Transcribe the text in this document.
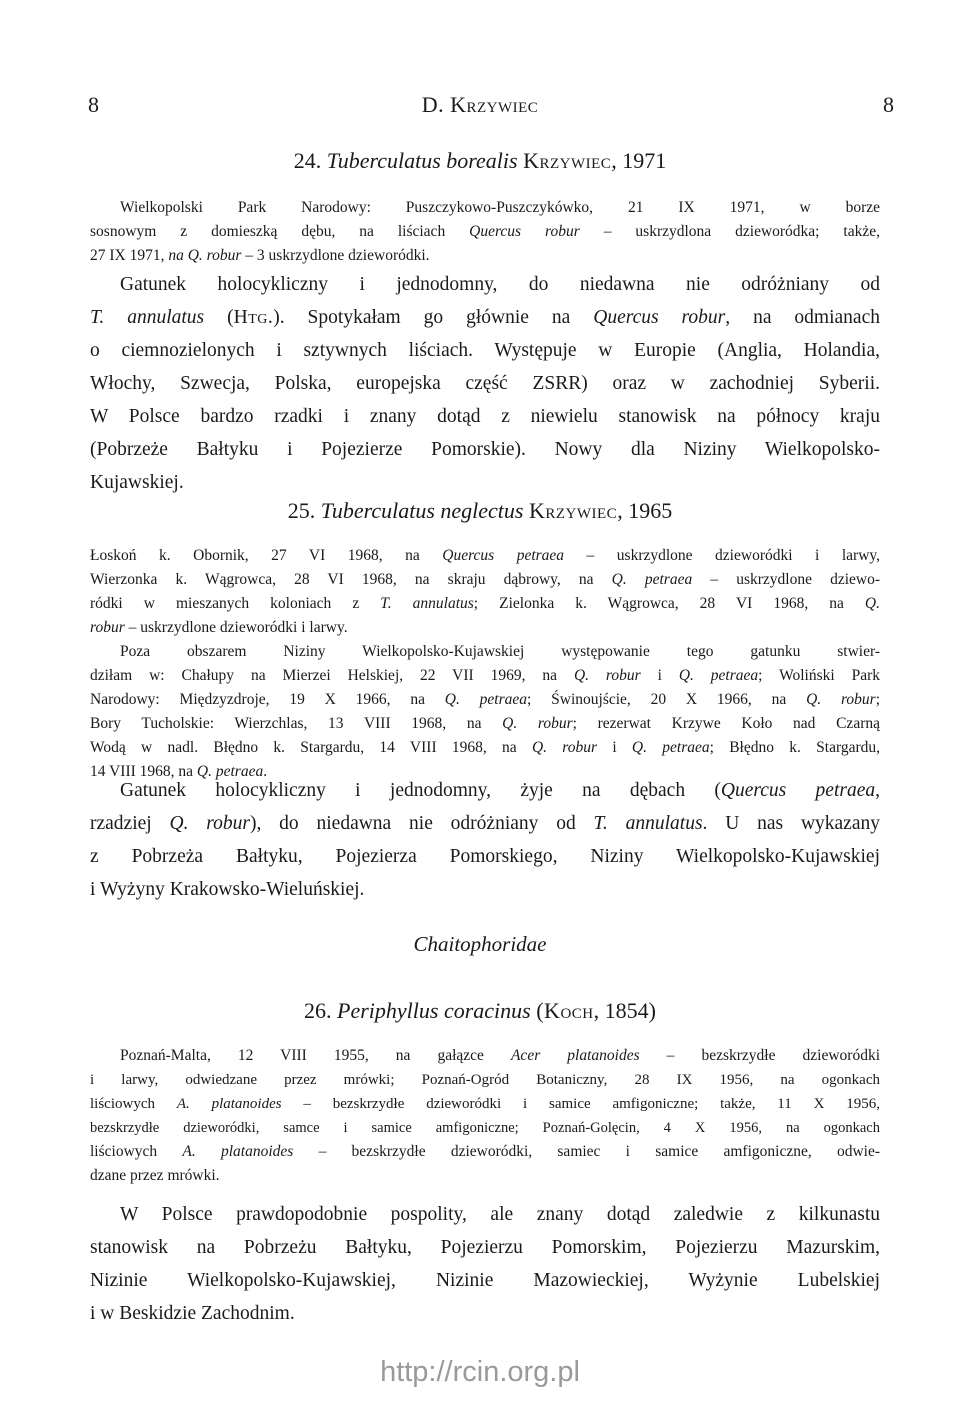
8	D. Krzywiec	8
24. Tuberculatus borealis Krzywiec, 1971
Wielkopolski Park Narodowy: Puszczykowo-Puszczykówko, 21 IX 1971, w borze
sosnowym z domieszką dębu, na liściach Quercus robur – uskrzydlona dzieworódka; także,
27 IX 1971, na Q. robur – 3 uskrzydlone dzieworódki.
Gatunek holocykliczny i jednodomny, do niedawna nie odróżniany od
T. annulatus (Htg.). Spotykałam go głównie na Quercus robur, na odmianach
o ciemnozielonych i sztywnych liściach. Występuje w Europie (Anglia, Holandia,
Włochy, Szwecja, Polska, europejska część ZSRR) oraz w zachodniej Syberii.
W Polsce bardzo rzadki i znany dotąd z niewielu stanowisk na północy kraju
(Pobrzeże Bałtyku i Pojezierze Pomorskie). Nowy dla Niziny Wielkopolsko-
Kujawskiej.
25. Tuberculatus neglectus Krzywiec, 1965
Łoskoń k. Obornik, 27 VI 1968, na Quercus petraea – uskrzydlone dzieworódki i larwy,
Wierzonka k. Wągrowca, 28 VI 1968, na skraju dąbrowy, na Q. petraea – uskrzydlone dziewo-
ródki w mieszanych koloniach z T. annulatus; Zielonka k. Wągrowca, 28 VI 1968, na Q.
robur – uskrzydlone dzieworódki i larwy.
Poza obszarem Niziny Wielkopolsko-Kujawskiej występowanie tego gatunku stwier-
dziłam w: Chałupy na Mierzei Helskiej, 22 VII 1969, na Q. robur i Q. petraea; Woliński Park
Narodowy: Międzyzdroje, 19 X 1966, na Q. petraea; Świnoujście, 20 X 1966, na Q. robur;
Bory Tucholskie: Wierzchlas, 13 VIII 1968, na Q. robur; rezerwat Krzywe Koło nad Czarną
Wodą w nadl. Błędno k. Stargardu, 14 VIII 1968, na Q. robur i Q. petraea; Błędno k. Stargardu,
14 VIII 1968, na Q. petraea.
Gatunek holocykliczny i jednodomny, żyje na dębach (Quercus petraea,
rzadziej Q. robur), do niedawna nie odróżniany od T. annulatus. U nas wykazany
z Pobrzeża Bałtyku, Pojezierza Pomorskiego, Niziny Wielkopolsko-Kujawskiej
i Wyżyny Krakowsko-Wieluńskiej.
Chaitophoridae
26. Periphyllus coracinus (Koch, 1854)
Poznań-Malta, 12 VIII 1955, na gałązce Acer platanoides – bezskrzydłe dzieworódki
i larwy, odwiedzane przez mrówki; Poznań-Ogród Botaniczny, 28 IX 1956, na ogonkach
liściowych A. platanoides – bezskrzydłe dzieworódki i samice amfigoniczne; także, 11 X 1956,
bezskrzydłe dzieworódki, samce i samice amfigoniczne; Poznań-Golęcin, 4 X 1956, na ogonkach
liściowych A. platanoides – bezskrzydłe dzieworódki, samiec i samice amfigoniczne, odwie-
dzane przez mrówki.
W Polsce prawdopodobnie pospolity, ale znany dotąd zaledwie z kilkunastu
stanowisk na Pobrzeżu Bałtyku, Pojezierzu Pomorskim, Pojezierzu Mazurskim,
Nizinie Wielkopolsko-Kujawskiej, Nizinie Mazowieckiej, Wyżynie Lubelskiej
i w Beskidzie Zachodnim.
http://rcin.org.pl
